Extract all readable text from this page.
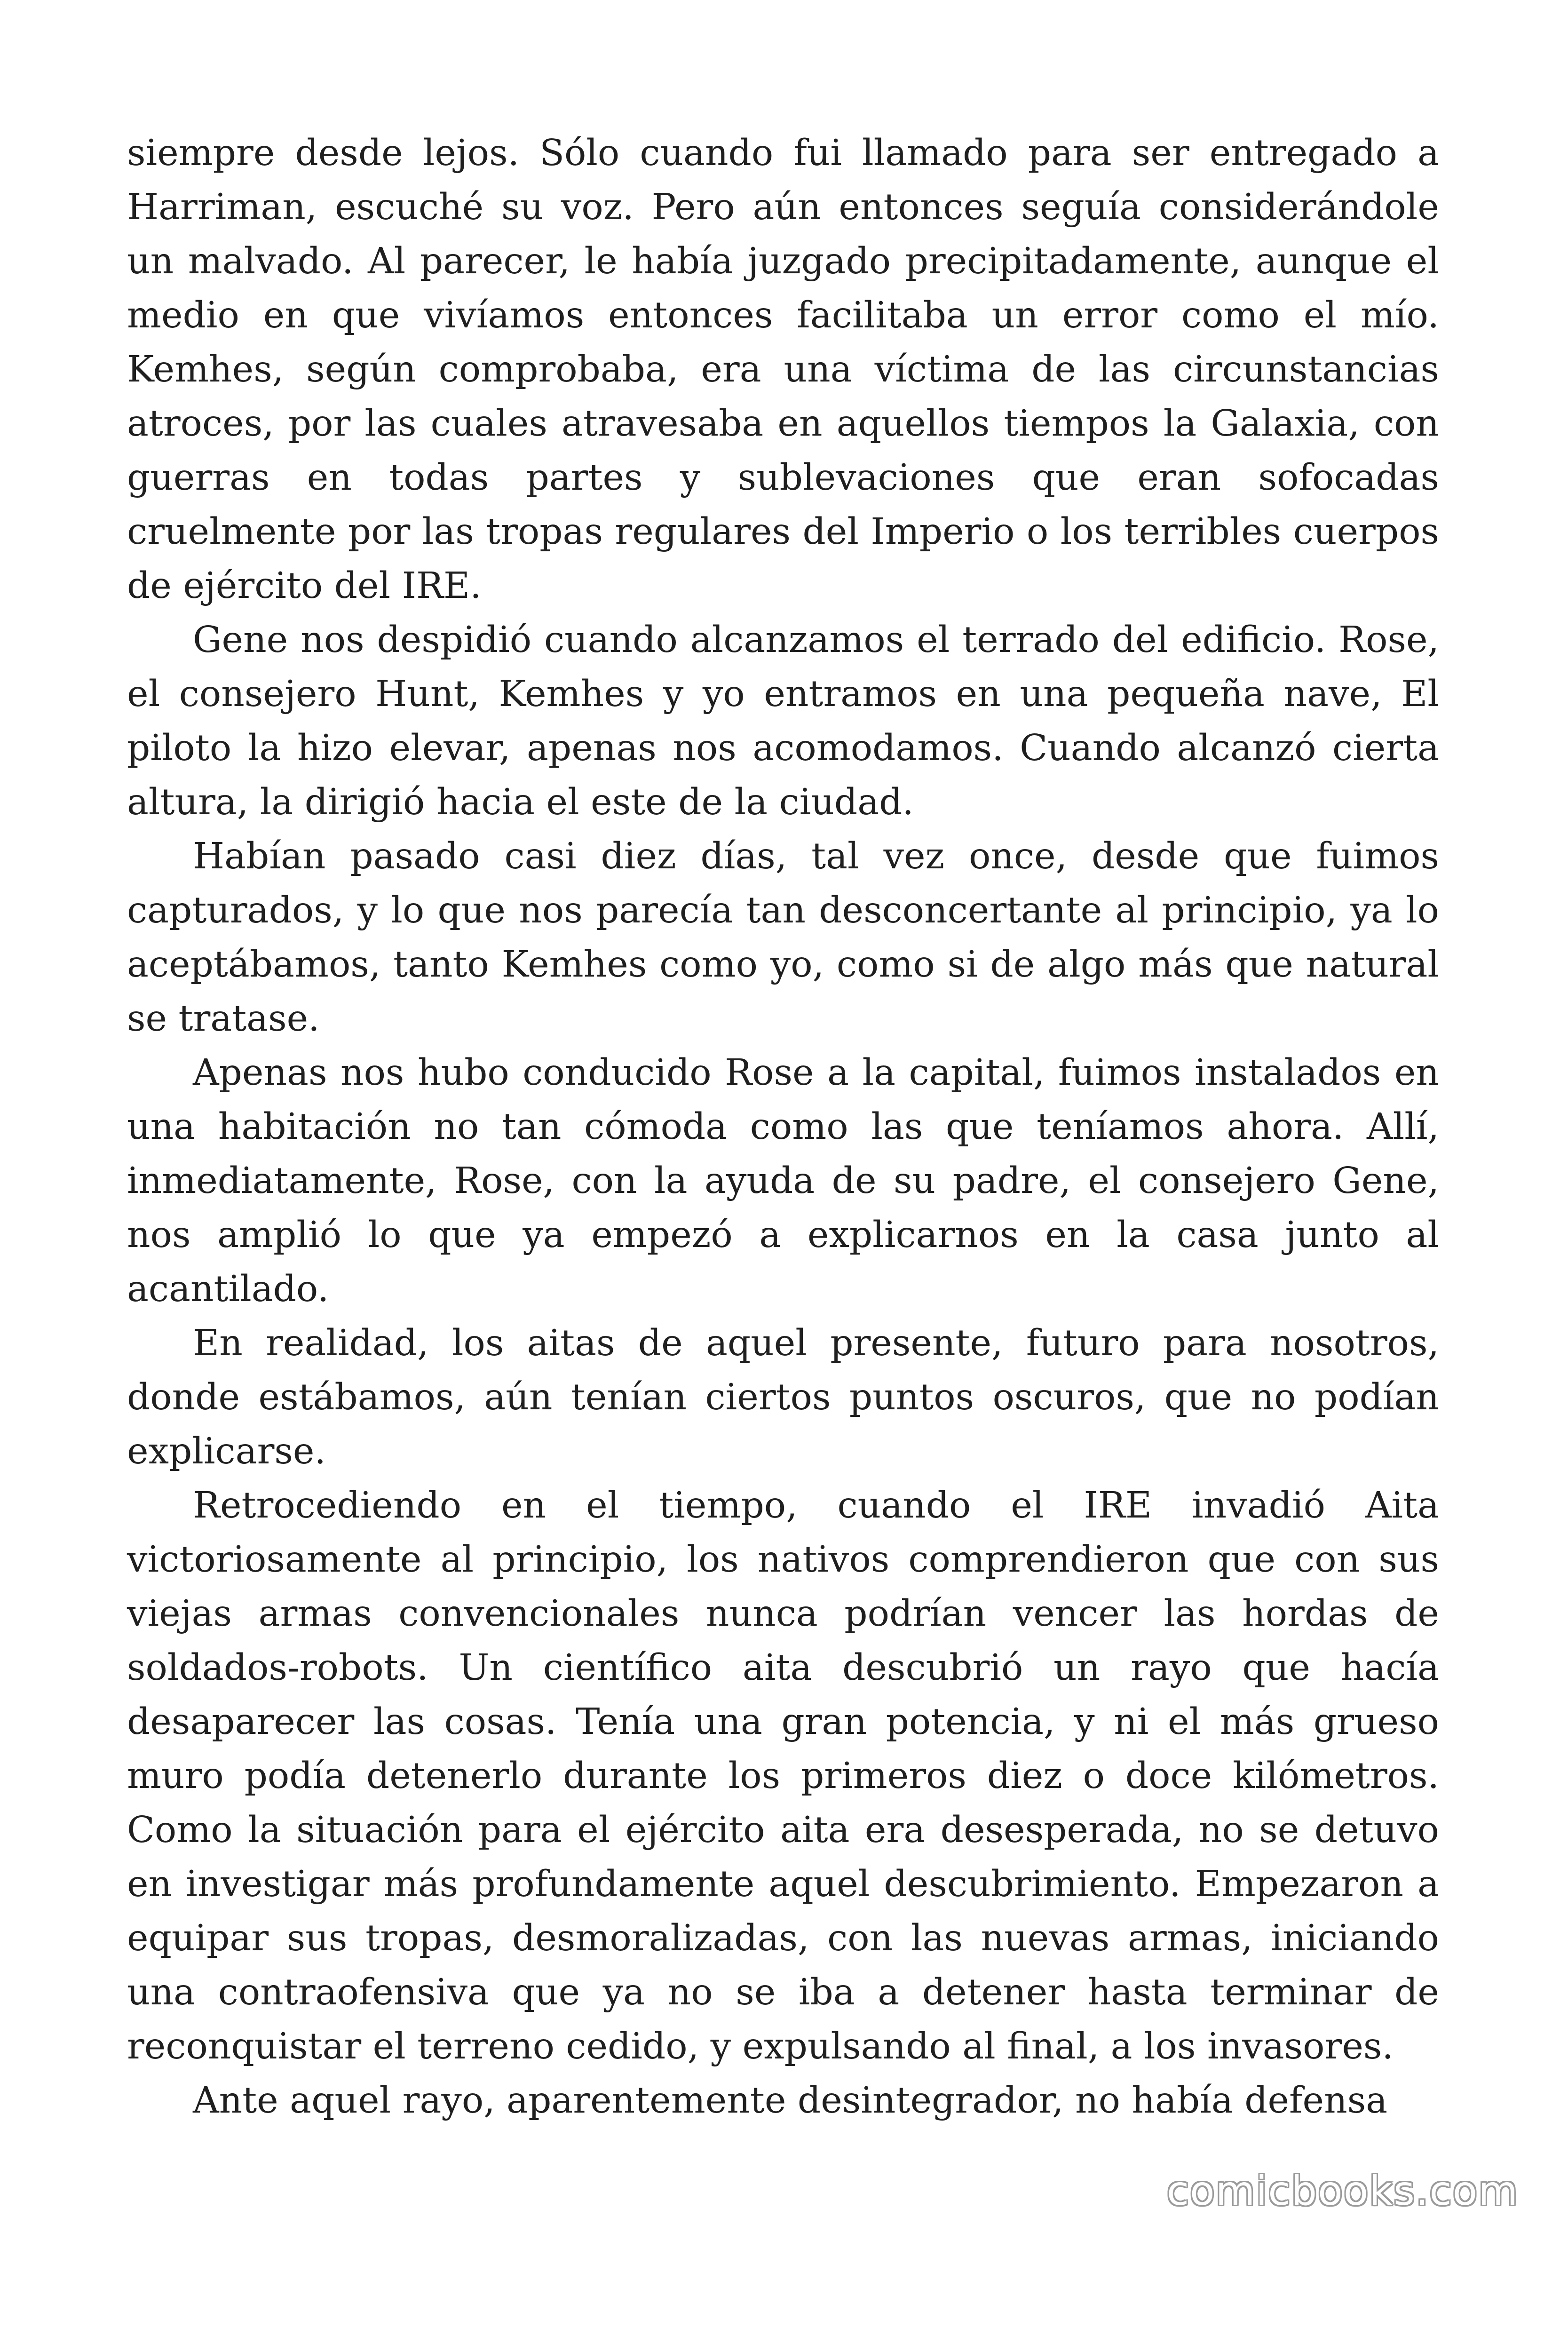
siempre desde lejos. Sólo cuando fui llamado para ser entregado a Harriman, escuché su voz. Pero aún entonces seguía considerándole un malvado. Al parecer, le había juzgado precipitadamente, aunque el medio en que vivíamos entonces facilitaba un error como el mío. Kemhes, según comprobaba, era una víctima de las circunstancias atroces, por las cuales atravesaba en aquellos tiempos la Galaxia, con guerras en todas partes y sublevaciones que eran sofocadas cruelmente por las tropas regulares del Imperio o los terribles cuerpos de ejército del IRE.

Gene nos despidió cuando alcanzamos el terrado del edificio. Rose, el consejero Hunt, Kemhes y yo entramos en una pequeña nave, El piloto la hizo elevar, apenas nos acomodamos. Cuando alcanzó cierta altura, la dirigió hacia el este de la ciudad.

Habían pasado casi diez días, tal vez once, desde que fuimos capturados, y lo que nos parecía tan desconcertante al principio, ya lo aceptábamos, tanto Kemhes como yo, como si de algo más que natural se tratase.

Apenas nos hubo conducido Rose a la capital, fuimos instalados en una habitación no tan cómoda como las que teníamos ahora. Allí, inmediatamente, Rose, con la ayuda de su padre, el consejero Gene, nos amplió lo que ya empezó a explicarnos en la casa junto al acantilado.

En realidad, los aitas de aquel presente, futuro para nosotros, donde estábamos, aún tenían ciertos puntos oscuros, que no podían explicarse.

Retrocediendo en el tiempo, cuando el IRE invadió Aita victoriosamente al principio, los nativos comprendieron que con sus viejas armas convencionales nunca podrían vencer las hordas de soldados-robots. Un científico aita descubrió un rayo que hacía desaparecer las cosas. Tenía una gran potencia, y ni el más grueso muro podía detenerlo durante los primeros diez o doce kilómetros. Como la situación para el ejército aita era desesperada, no se detuvo en investigar más profundamente aquel descubrimiento. Empezaron a equipar sus tropas, desmoralizadas, con las nuevas armas, iniciando una contraofensiva que ya no se iba a detener hasta terminar de reconquistar el terreno cedido, y expulsando al final, a los invasores.

Ante aquel rayo, aparentemente desintegrador, no había defensa

comicbooks.com
